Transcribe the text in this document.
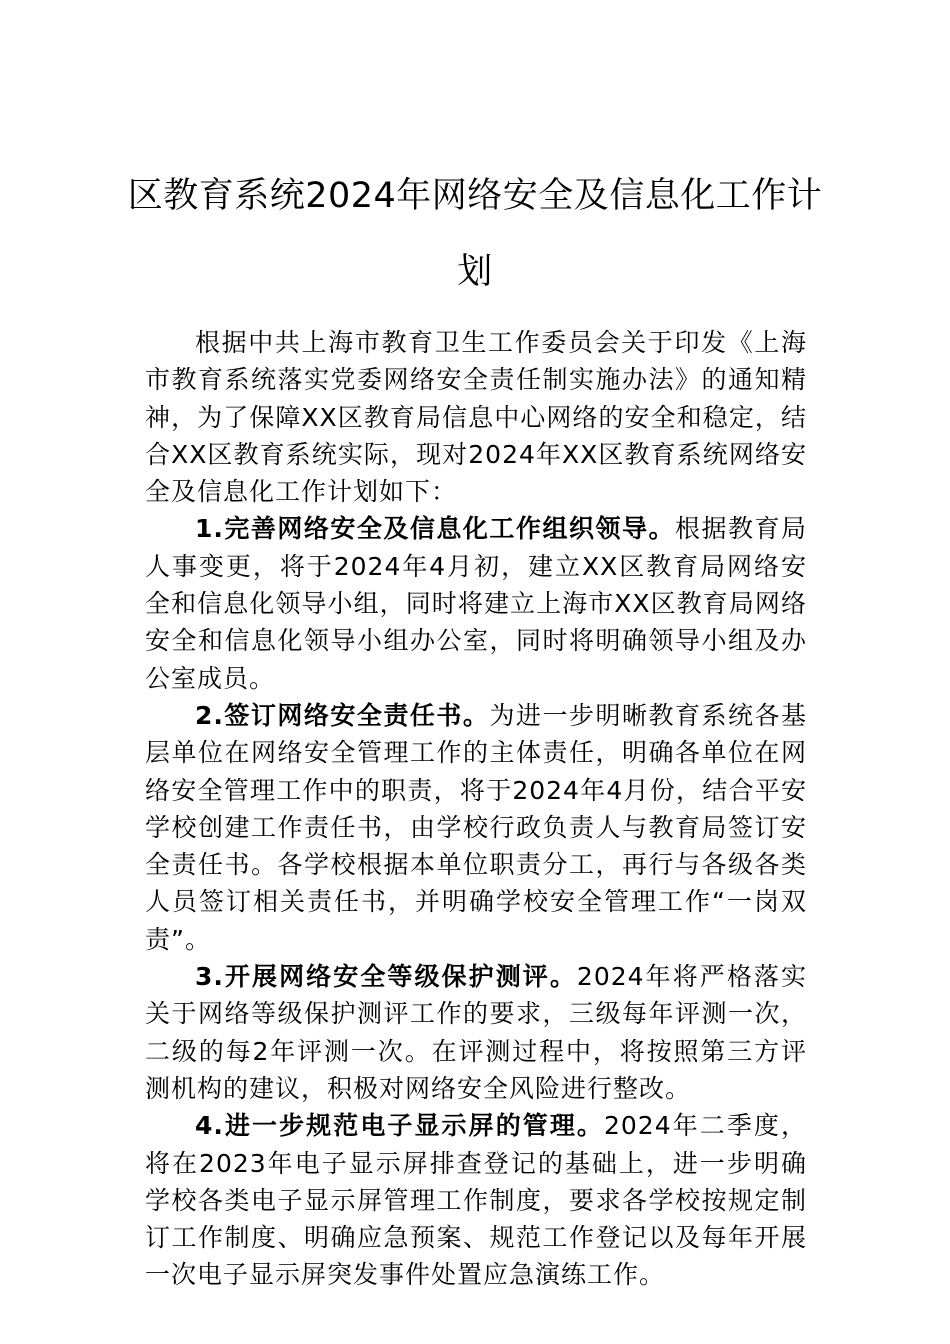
区教育系统2024年网络安全及信息化工作计划

根据中共上海市教育卫生工作委员会关于印发《上海市教育系统落实党委网络安全责任制实施办法》的通知精神，为了保障XX区教育局信息中心网络的安全和稳定，结合XX区教育系统实际，现对2024年XX区教育系统网络安全及信息化工作计划如下：

1.完善网络安全及信息化工作组织领导。根据教育局人事变更，将于2024年4月初，建立XX区教育局网络安全和信息化领导小组，同时将建立上海市XX区教育局网络安全和信息化领导小组办公室，同时将明确领导小组及办公室成员。

2.签订网络安全责任书。为进一步明晰教育系统各基层单位在网络安全管理工作的主体责任，明确各单位在网络安全管理工作中的职责，将于2024年4月份，结合平安学校创建工作责任书，由学校行政负责人与教育局签订安全责任书。各学校根据本单位职责分工，再行与各级各类人员签订相关责任书，并明确学校安全管理工作“一岗双责”。

3.开展网络安全等级保护测评。2024年将严格落实关于网络等级保护测评工作的要求，三级每年评测一次，二级的每2年评测一次。在评测过程中，将按照第三方评测机构的建议，积极对网络安全风险进行整改。

4.进一步规范电子显示屏的管理。2024年二季度，将在2023年电子显示屏排查登记的基础上，进一步明确学校各类电子显示屏管理工作制度，要求各学校按规定制订工作制度、明确应急预案、规范工作登记以及每年开展一次电子显示屏突发事件处置应急演练工作。
